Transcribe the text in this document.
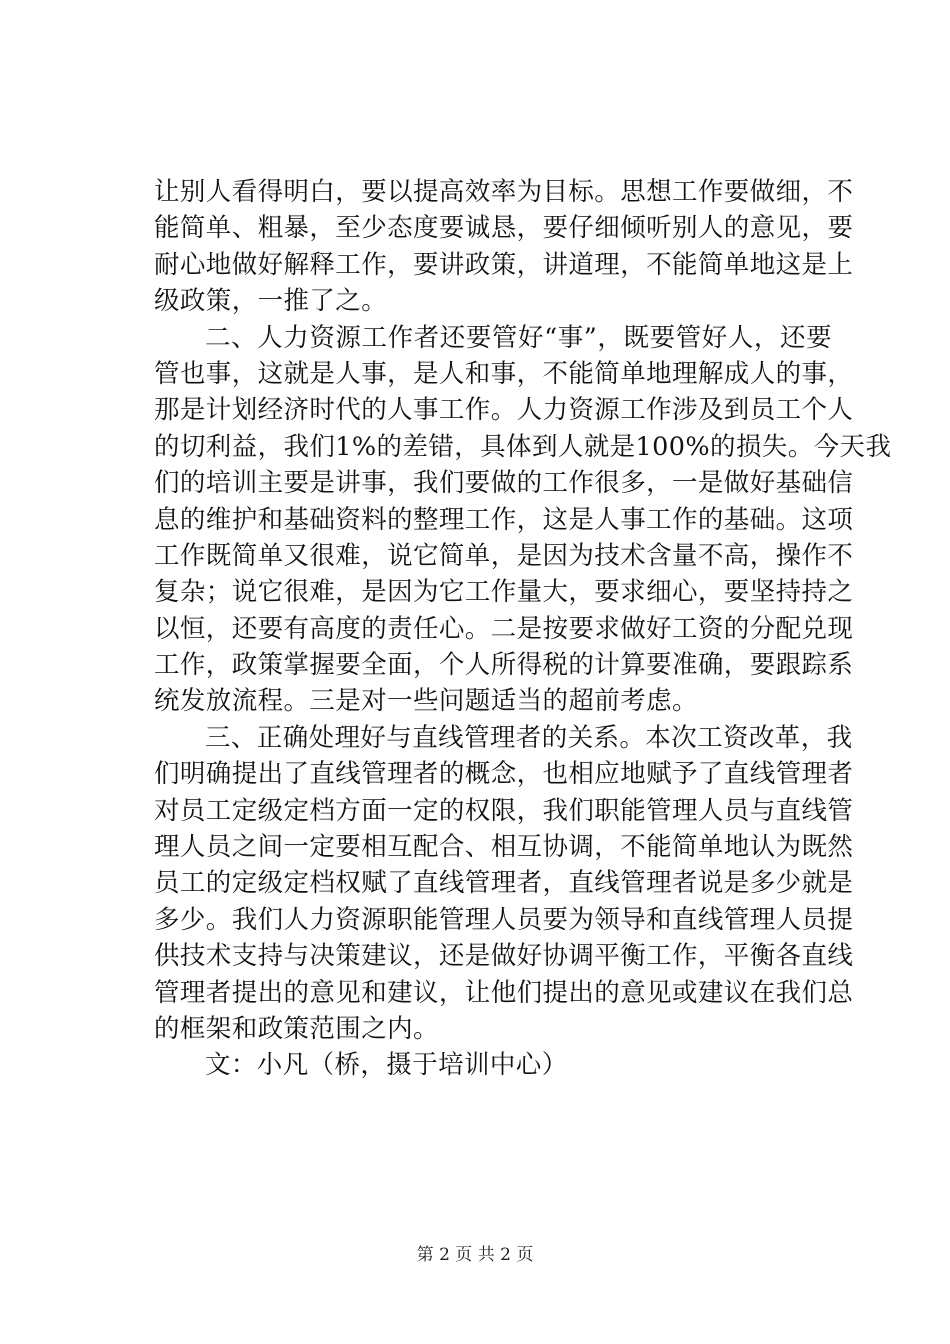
让别人看得明白，要以提高效率为目标。思想工作要做细，不
能简单、粗暴，至少态度要诚恳，要仔细倾听别人的意见，要
耐心地做好解释工作，要讲政策，讲道理，不能简单地这是上
级政策，一推了之。
二、人力资源工作者还要管好“事”，既要管好人，还要
管也事，这就是人事，是人和事，不能简单地理解成人的事，
那是计划经济时代的人事工作。人力资源工作涉及到员工个人
的切利益，我们1%的差错，具体到人就是100%的损失。今天我
们的培训主要是讲事，我们要做的工作很多，一是做好基础信
息的维护和基础资料的整理工作，这是人事工作的基础。这项
工作既简单又很难，说它简单，是因为技术含量不高，操作不
复杂；说它很难，是因为它工作量大，要求细心，要坚持持之
以恒，还要有高度的责任心。二是按要求做好工资的分配兑现
工作，政策掌握要全面，个人所得税的计算要准确，要跟踪系
统发放流程。三是对一些问题适当的超前考虑。
三、正确处理好与直线管理者的关系。本次工资改革，我
们明确提出了直线管理者的概念，也相应地赋予了直线管理者
对员工定级定档方面一定的权限，我们职能管理人员与直线管
理人员之间一定要相互配合、相互协调，不能简单地认为既然
员工的定级定档权赋了直线管理者，直线管理者说是多少就是
多少。我们人力资源职能管理人员要为领导和直线管理人员提
供技术支持与决策建议，还是做好协调平衡工作，平衡各直线
管理者提出的意见和建议，让他们提出的意见或建议在我们总
的框架和政策范围之内。
文：小凡（桥，摄于培训中心）
第 2 页 共 2 页
